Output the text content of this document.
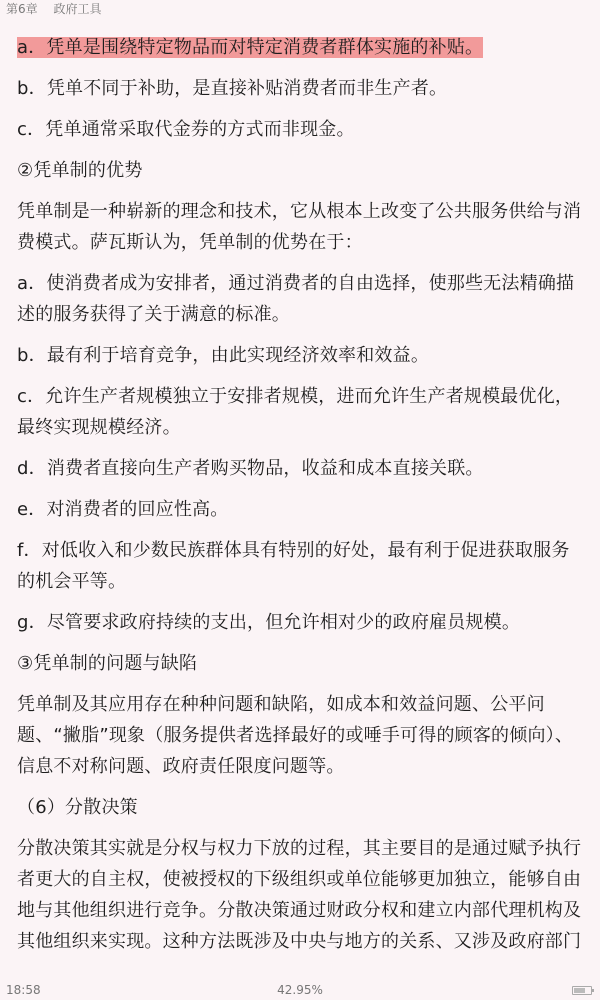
第6章 政府工具

a．凭单是围绕特定物品而对特定消费者群体实施的补贴。

b．凭单不同于补助，是直接补贴消费者而非生产者。

c．凭单通常采取代金券的方式而非现金。

②凭单制的优势

凭单制是一种崭新的理念和技术，它从根本上改变了公共服务供给与消费模式。萨瓦斯认为，凭单制的优势在于：

a．使消费者成为安排者，通过消费者的自由选择，使那些无法精确描述的服务获得了关于满意的标准。

b．最有利于培育竞争，由此实现经济效率和效益。

c．允许生产者规模独立于安排者规模，进而允许生产者规模最优化，最终实现规模经济。

d．消费者直接向生产者购买物品，收益和成本直接关联。

e．对消费者的回应性高。

f．对低收入和少数民族群体具有特别的好处，最有利于促进获取服务的机会平等。

g．尽管要求政府持续的支出，但允许相对少的政府雇员规模。

③凭单制的问题与缺陷

凭单制及其应用存在种种问题和缺陷，如成本和效益问题、公平问题、“撇脂”现象（服务提供者选择最好的或唾手可得的顾客的倾向）、信息不对称问题、政府责任限度问题等。

（6）分散决策

分散决策其实就是分权与权力下放的过程，其主要目的是通过赋予执行者更大的自主权，使被授权的下级组织或单位能够更加独立，能够自由地与其他组织进行竞争。分散决策通过财政分权和建立内部代理机构及其他组织来实现。这种方法既涉及中央与地方的关系、又涉及政府部门

18:58	42.95%
